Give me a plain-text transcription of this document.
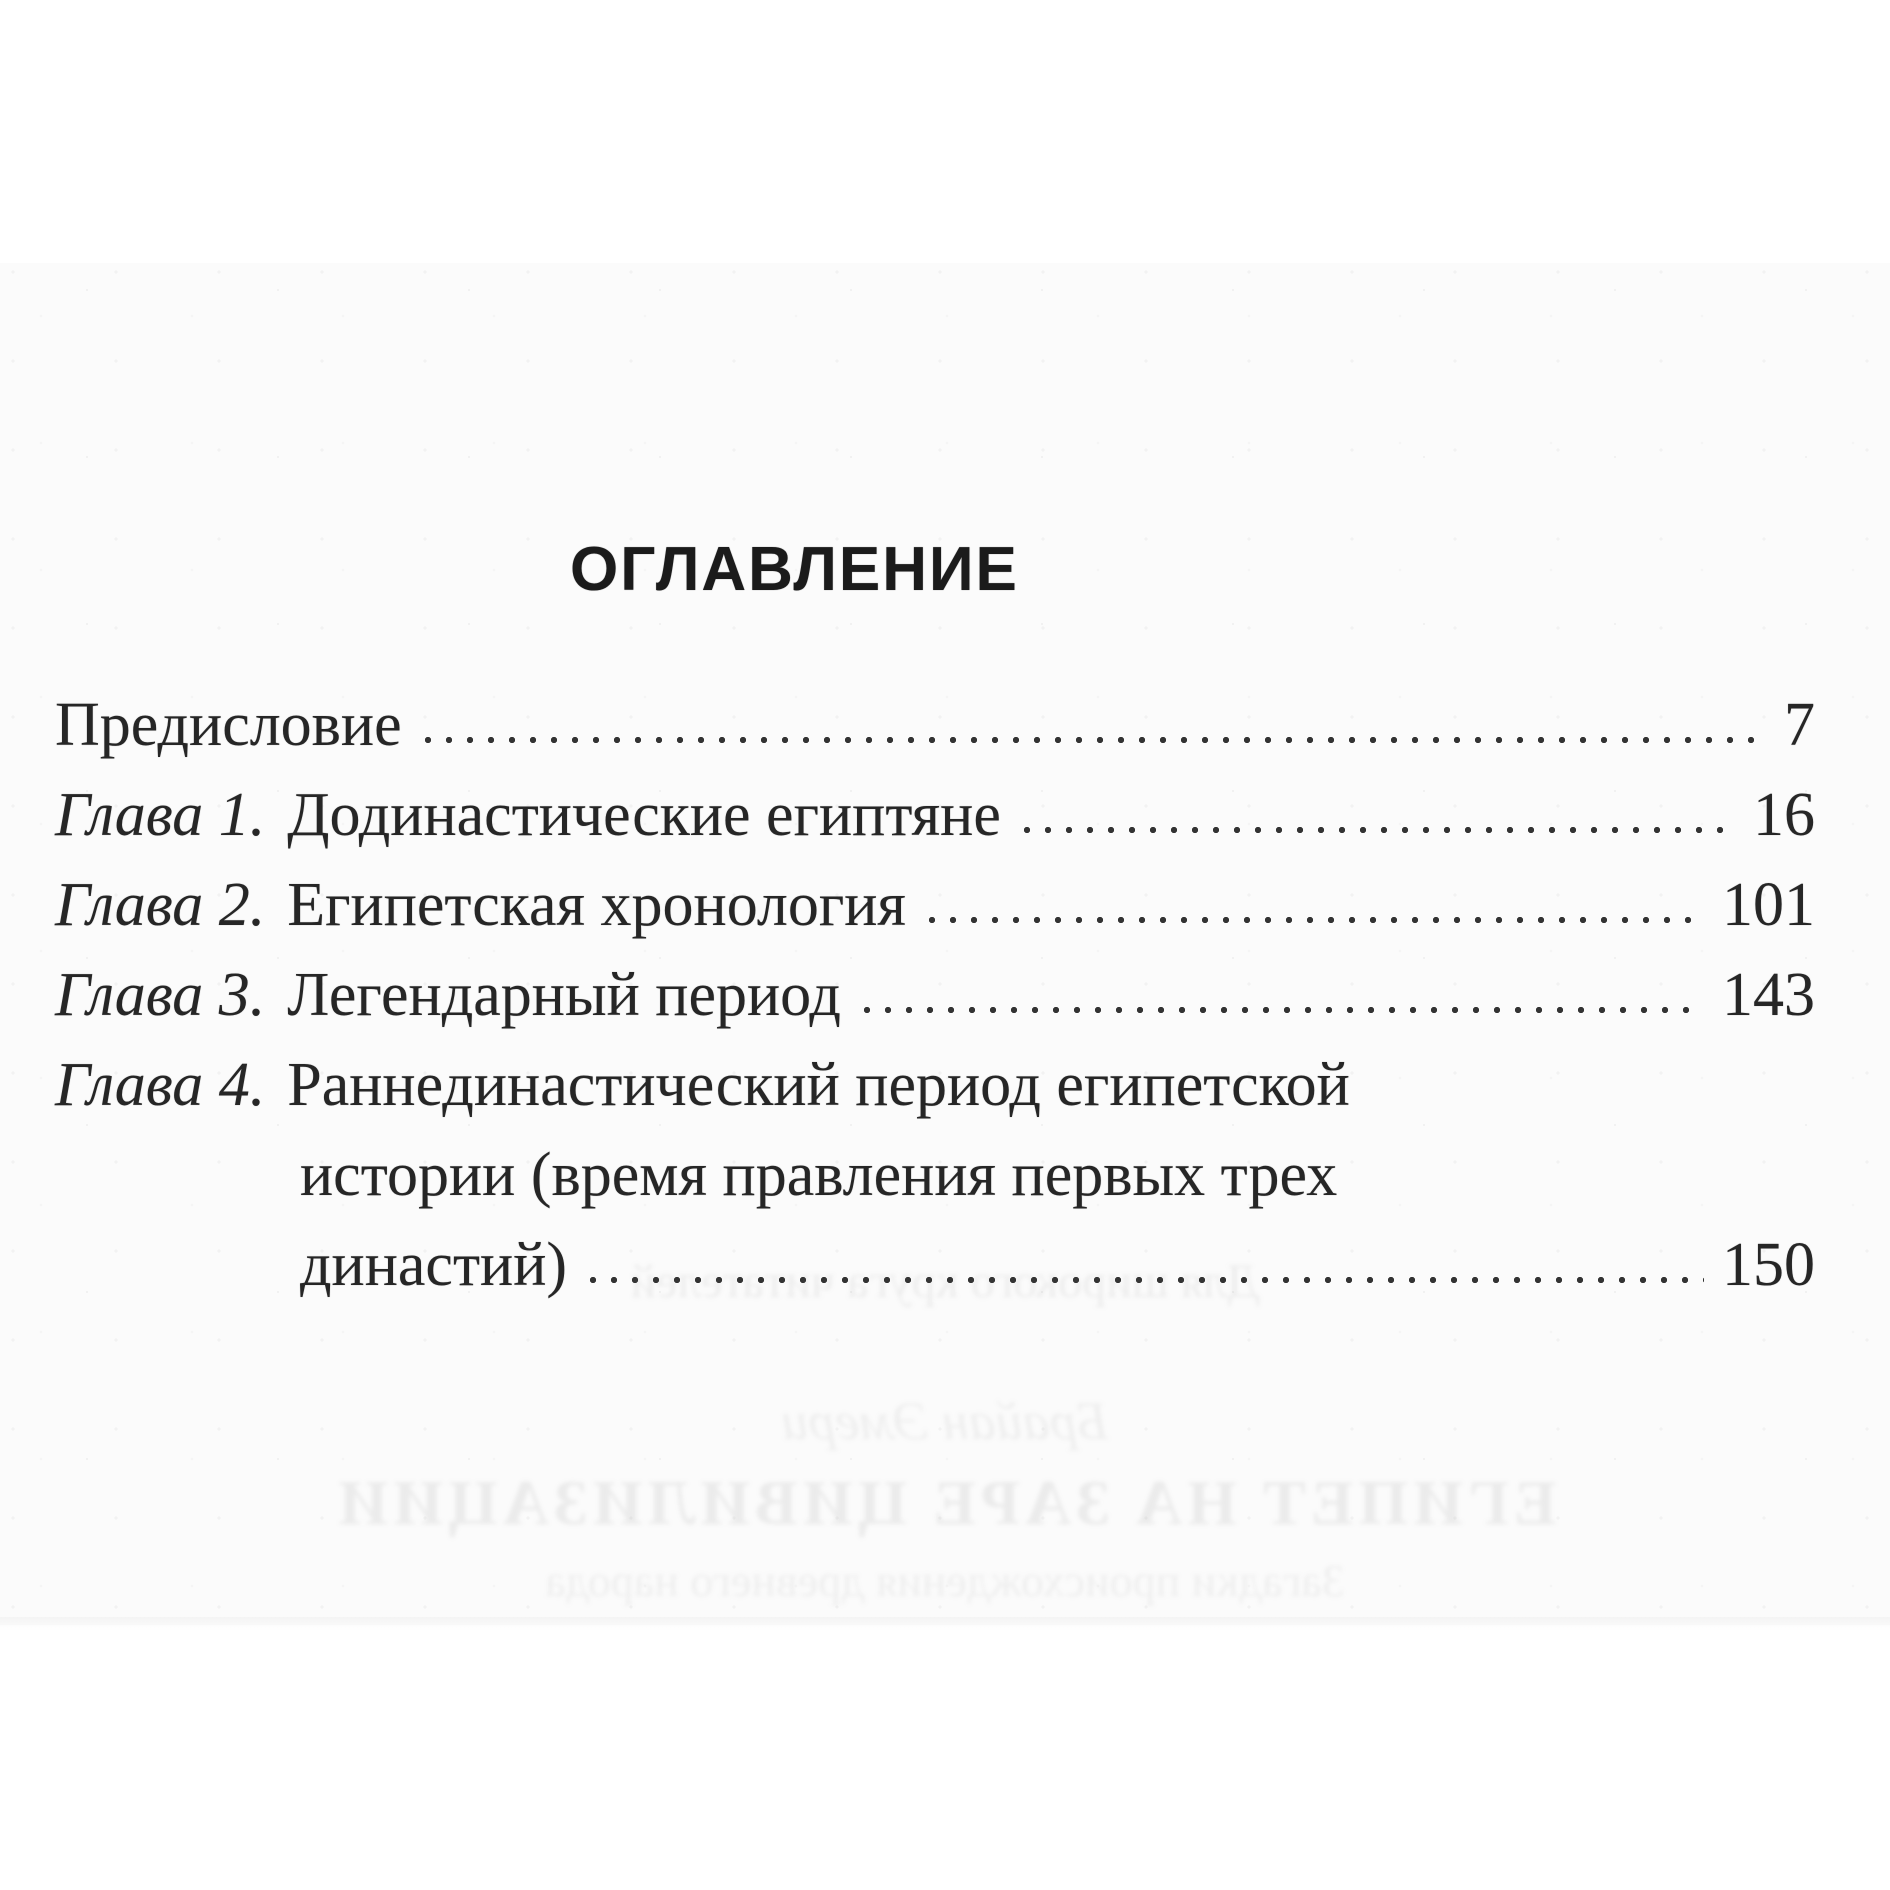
ОГЛАВЛЕНИЕ
Предисловие	7
Глава 1. Додинастические египтяне	16
Глава 2. Египетская хронология	101
Глава 3. Легендарный период	143
Глава 4. Раннединастический период египетской
истории (время правления первых трех
династий)	150
